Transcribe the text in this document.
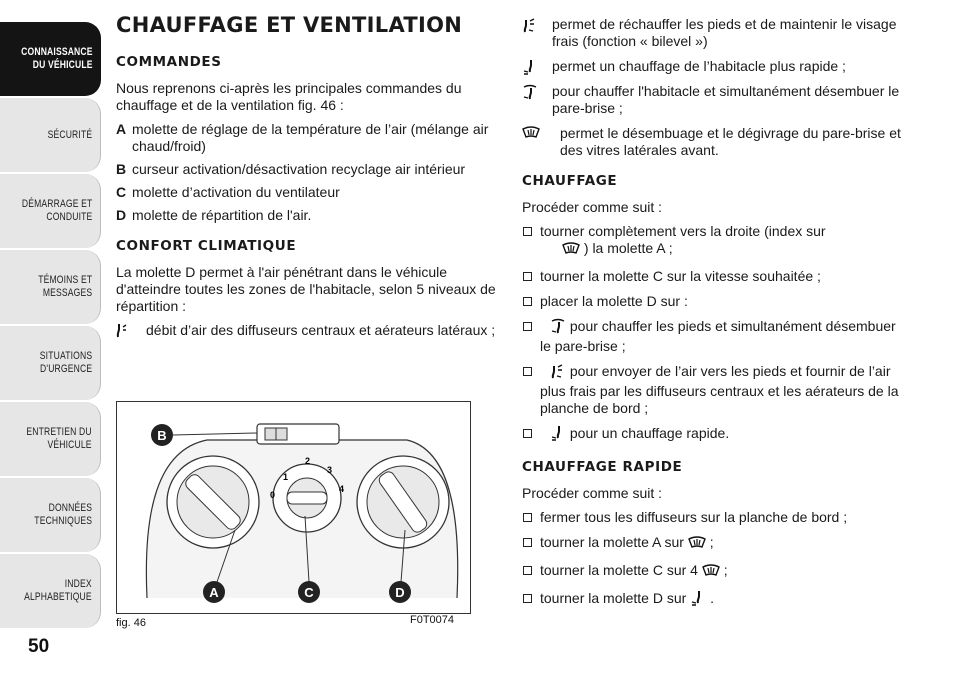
CONNAISSANCE
DU VÉHICULE
SÉCURITÉ
DÉMARRAGE ET
CONDUITE
TÉMOINS ET
MESSAGES
SITUATIONS
D'URGENCE
ENTRETIEN DU
VÉHICULE
DONNÉES
TECHNIQUES
INDEX
ALPHABETIQUE
50
CHAUFFAGE ET VENTILATION
COMMANDES

Nous reprenons ci-après les principales commandes du chauffage et de la ventilation fig. 46 :

A molette de réglage de la température de l’air (mélange air chaud/froid)
B curseur activation/désactivation recyclage air intérieur
C molette d’activation du ventilateur
D molette de répartition de l'air.
CONFORT CLIMATIQUE

La molette D permet à l'air pénétrant dans le véhicule d'atteindre toutes les zones de l'habitacle, selon 5 niveaux de répartition :

débit d’air des diffuseurs centraux et aérateurs latéraux ;
1
2
3
0
4
B
A	C	D
fig. 46	F0T0074
permet de réchauffer les pieds et de maintenir le visage frais (fonction « bilevel »)
permet un chauffage de l’habitacle plus rapide ;
pour chauffer l'habitacle et simultanément désembuer le pare-brise ;
permet le désembuage et le dégivrage du pare-brise et des vitres latérales avant.
CHAUFFAGE

Procéder comme suit :

tourner complètement vers la droite (index sur
) la molette A ;
tourner la molette C sur la vitesse souhaitée ;
placer la molette D sur :
pour chauffer les pieds et simultanément désembuer le pare-brise ;
pour envoyer de l’air vers les pieds et fournir de l’air plus frais par les diffuseurs centraux et les aérateurs de la planche de bord ;
pour un chauffage rapide.
CHAUFFAGE RAPIDE

Procéder comme suit :

fermer tous les diffuseurs sur la planche de bord ;
tourner la molette A sur ;
tourner la molette C sur 4 ;
tourner la molette D sur .
